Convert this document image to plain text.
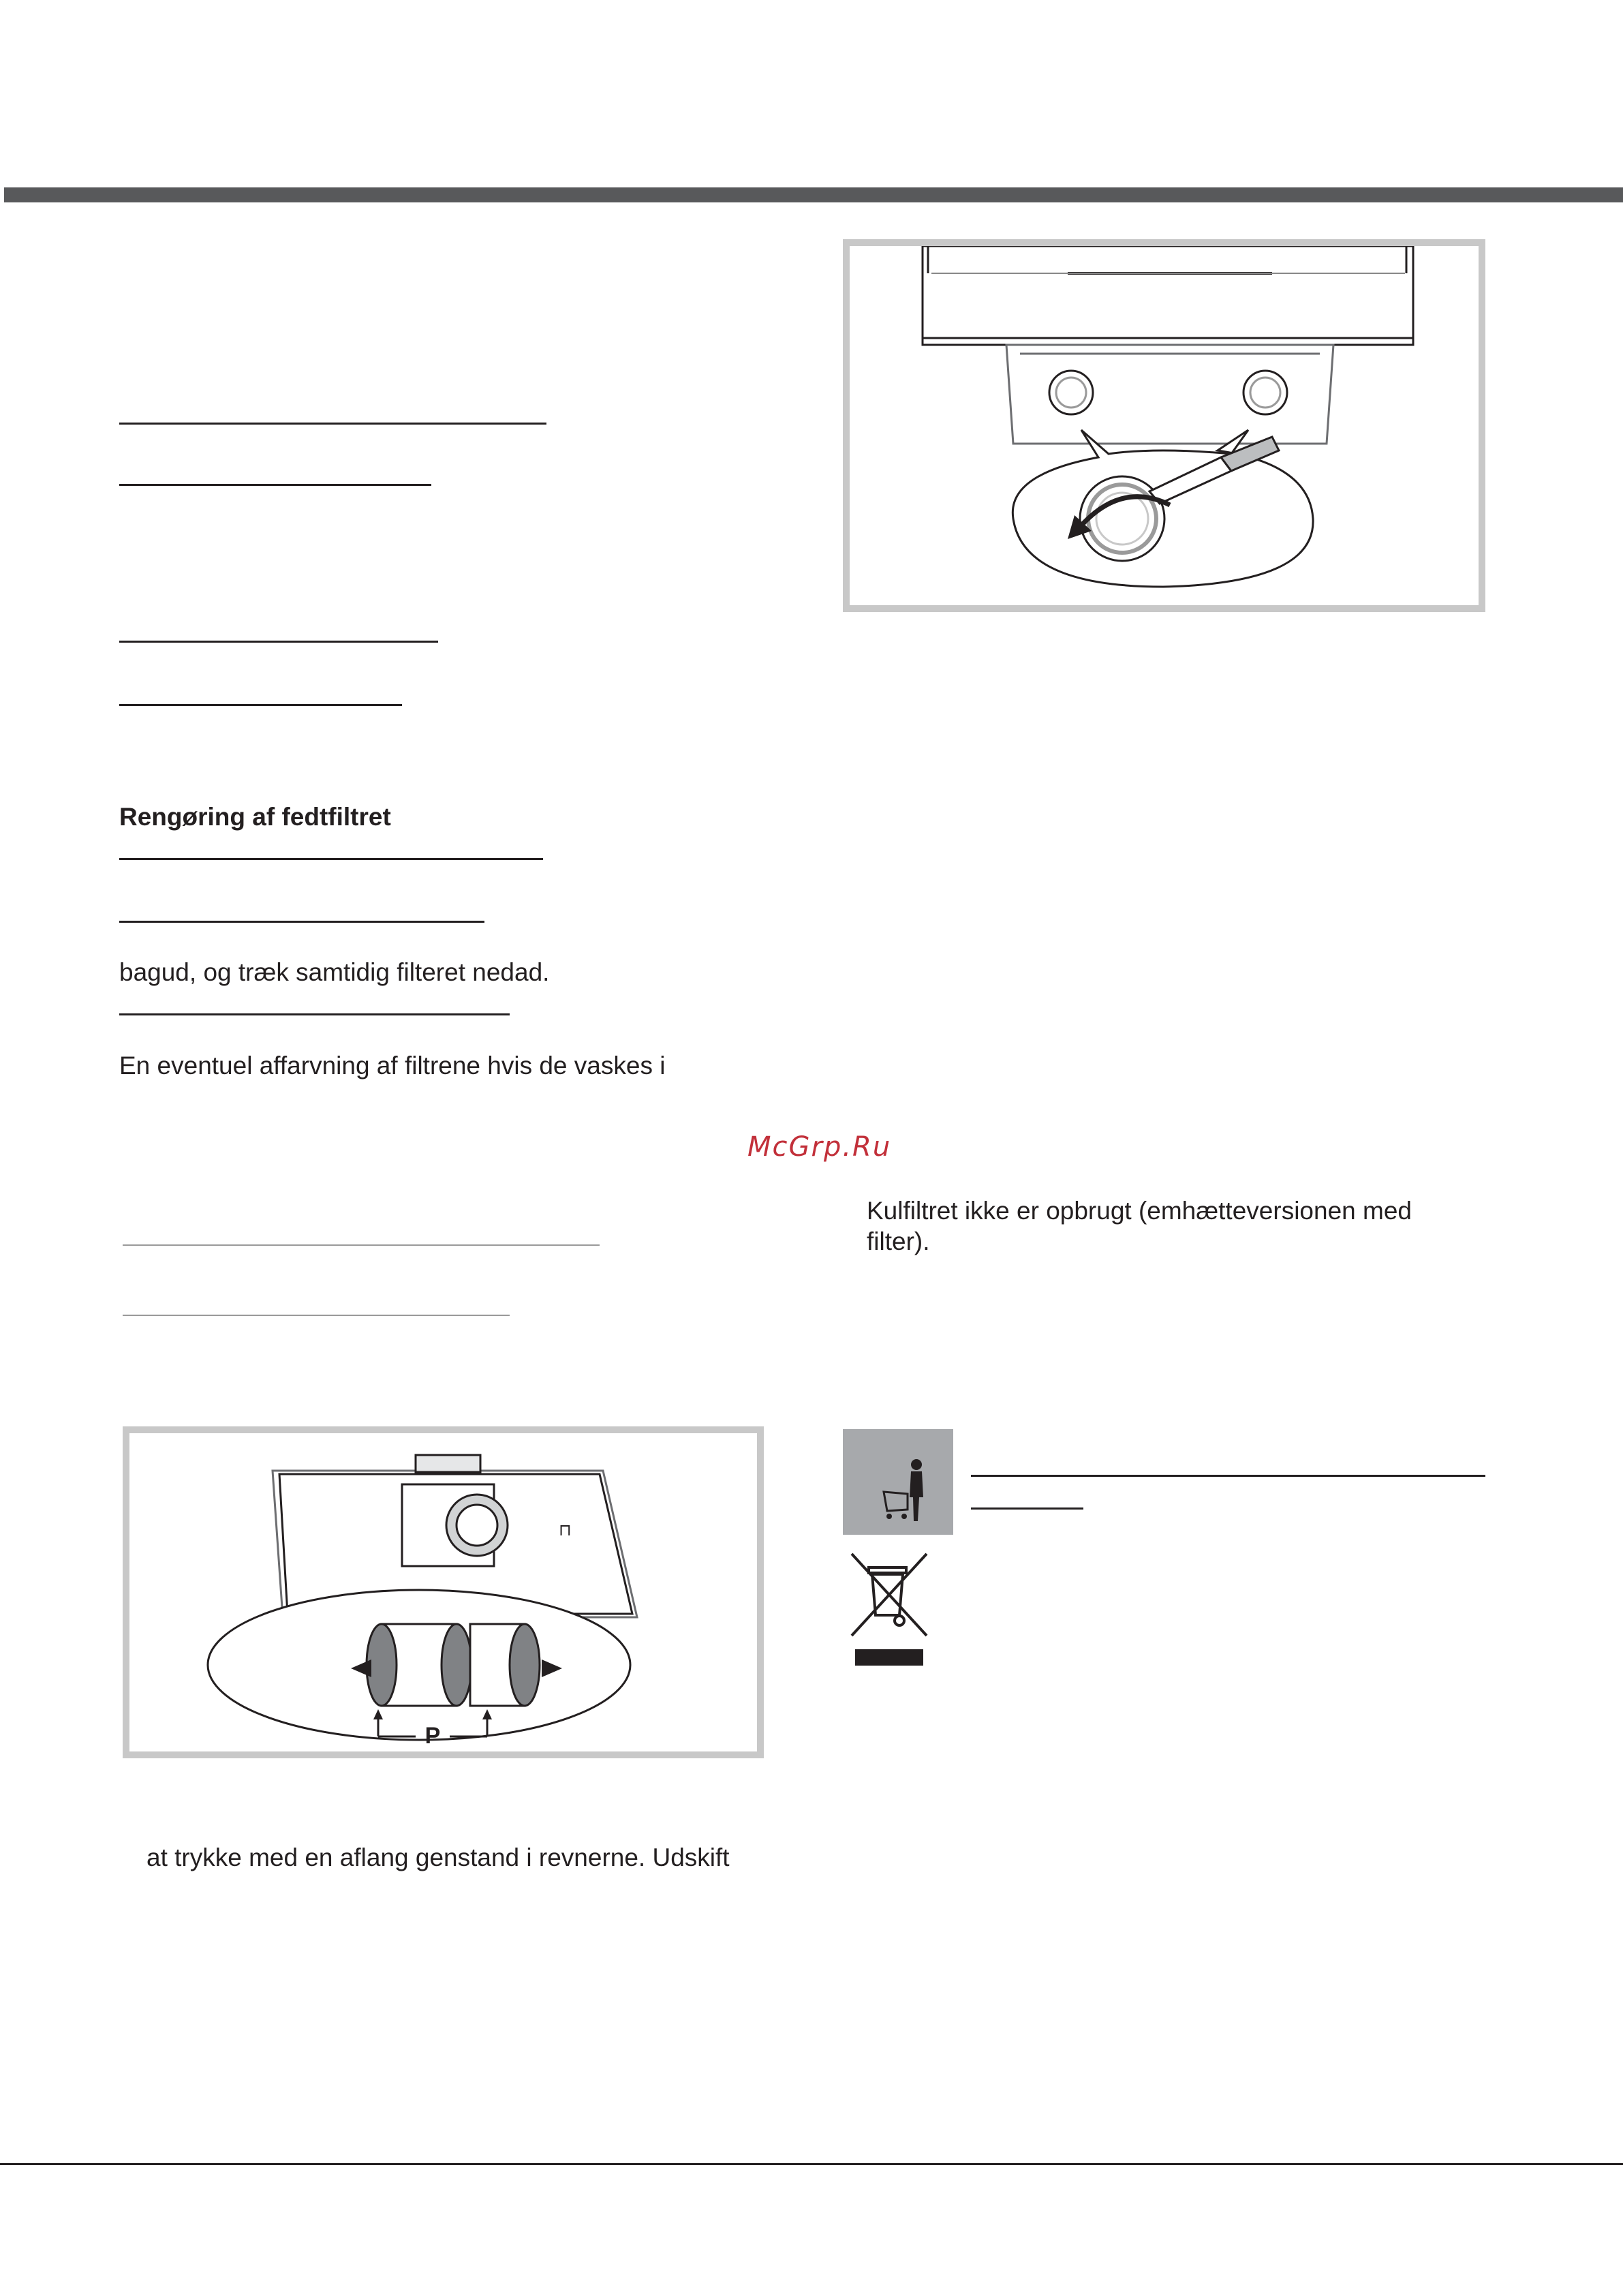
Rengøring af fedtfiltret
bagud, og træk samtidig filteret nedad.
En eventuel affarvning af filtrene hvis de vaskes i
McGrp.Ru
Kulfiltret ikke er opbrugt (emhætteversionen med
filter).
⊓
P
at trykke med en aflang genstand i revnerne. Udskift
